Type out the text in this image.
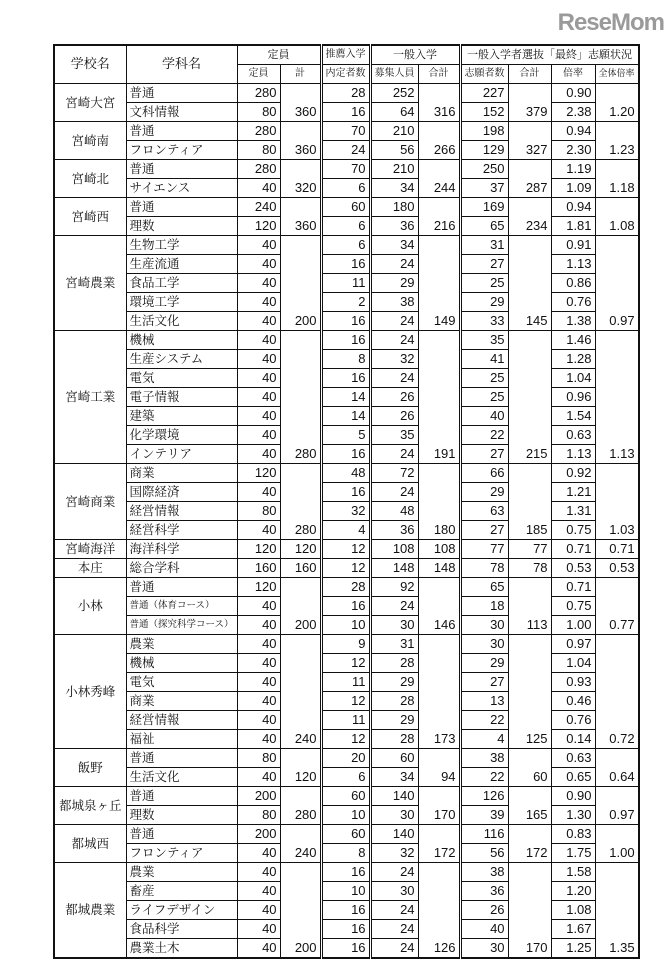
学校名	学科名	定員		推薦入学	一般入学		一般入学者選抜「最終」志願状況			
		定員	計	内定者数	募集人員	合計	志願者数	合計	倍率	全体倍率
宮崎大宮	普通	280	360	28	252	316	227	379	0.90	1.20
	文科情報	80		16	64		152		2.38	
宮崎南	普通	280	360	70	210	266	198	327	0.94	1.23
	フロンティア	80		24	56		129		2.30	
宮崎北	普通	280	320	70	210	244	250	287	1.19	1.18
	サイエンス	40		6	34		37		1.09	
宮崎西	普通	240	360	60	180	216	169	234	0.94	1.08
	理数	120		6	36		65		1.81	
宮崎農業	生物工学	40	200	6	34	149	31	145	0.91	0.97
	生産流通	40		16	24		27		1.13	
	食品工学	40		11	29		25		0.86	
	環境工学	40		2	38		29		0.76	
	生活文化	40		16	24		33		1.38	
宮崎工業	機械	40	280	16	24	191	35	215	1.46	1.13
	生産システム	40		8	32		41		1.28	
	電気	40		16	24		25		1.04	
	電子情報	40		14	26		25		0.96	
	建築	40		14	26		40		1.54	
	化学環境	40		5	35		22		0.63	
	インテリア	40		16	24		27		1.13	
宮崎商業	商業	120	280	48	72	180	66	185	0.92	1.03
	国際経済	40		16	24		29		1.21	
	経営情報	80		32	48		63		1.31	
	経営科学	40		4	36		27		0.75	
宮崎海洋	海洋科学	120	120	12	108	108	77	77	0.71	0.71
本庄	総合学科	160	160	12	148	148	78	78	0.53	0.53
小林	普通	120	200	28	92	146	65	113	0.71	0.77
	普通（体育コース）	40		16	24		18		0.75	
	普通（探究科学コース）	40		10	30		30		1.00	
小林秀峰	農業	40	240	9	31	173	30	125	0.97	0.72
	機械	40		12	28		29		1.04	
	電気	40		11	29		27		0.93	
	商業	40		12	28		13		0.46	
	経営情報	40		11	29		22		0.76	
	福祉	40		12	28		4		0.14	
飯野	普通	80	120	20	60	94	38	60	0.63	0.64
	生活文化	40		6	34		22		0.65	
都城泉ヶ丘	普通	200	280	60	140	170	126	165	0.90	0.97
	理数	80		10	30		39		1.30	
都城西	普通	200	240	60	140	172	116	172	0.83	1.00
	フロンティア	40		8	32		56		1.75	
都城農業	農業	40	200	16	24	126	38	170	1.58	1.35
	畜産	40		10	30		36		1.20	
	ライフデザイン	40		16	24		26		1.08	
	食品科学	40		16	24		40		1.67	
	農業土木	40		16	24		30		1.25	
ReseMom
